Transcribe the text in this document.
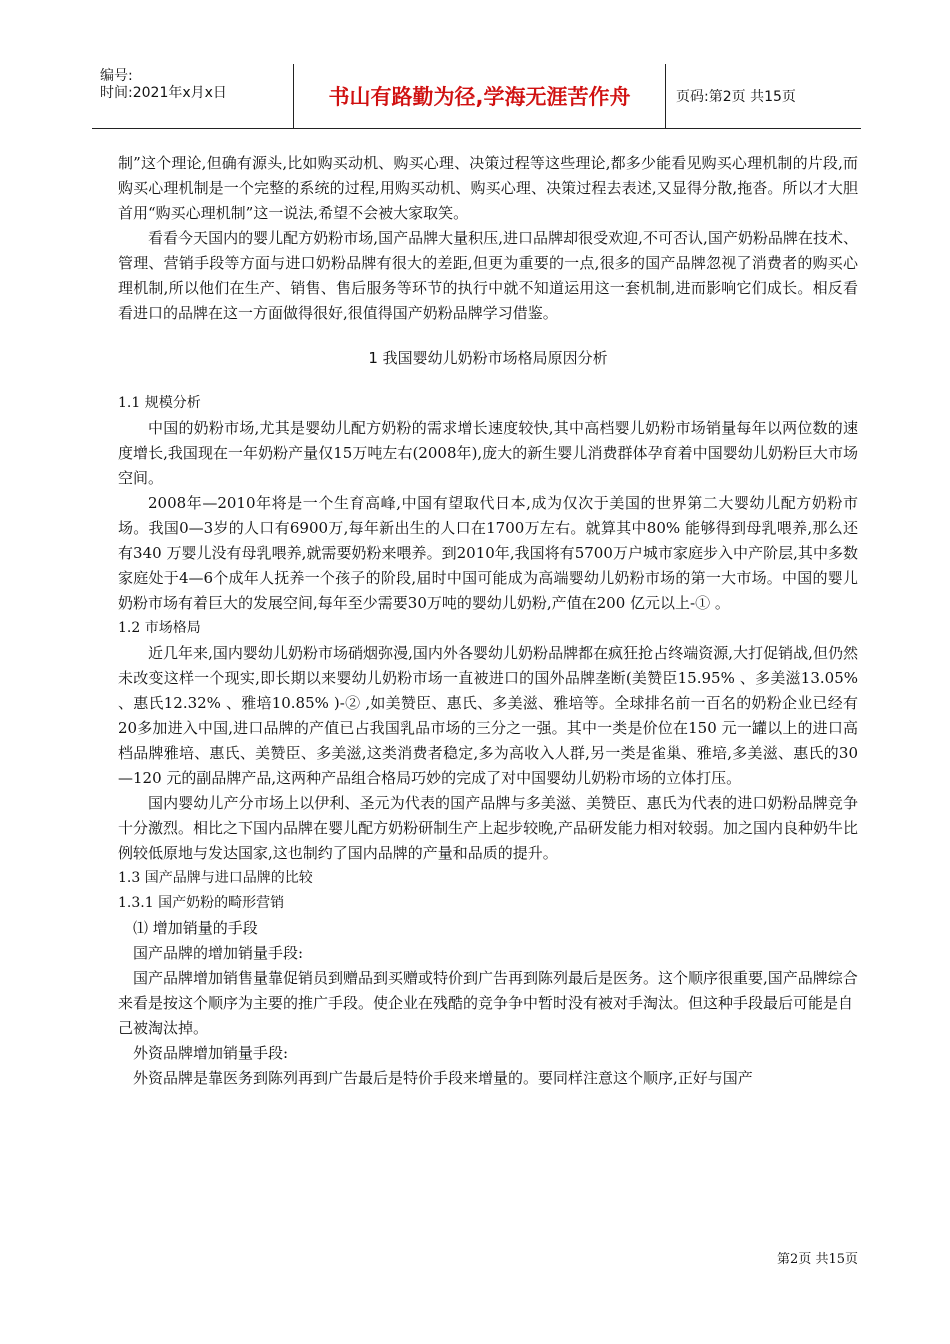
编号:
时间:2021年x月x日	书山有路勤为径,学海无涯苦作舟	页码:第2页 共15页

制”这个理论,但确有源头,比如购买动机、购买心理、决策过程等这些理论,都多少能看见购买心理机制的片段,而购买心理机制是一个完整的系统的过程,用购买动机、购买心理、决策过程去表述,又显得分散,拖沓。所以才大胆首用“购买心理机制”这一说法,希望不会被大家取笑。

看看今天国内的婴儿配方奶粉市场,国产品牌大量积压,进口品牌却很受欢迎,不可否认,国产奶粉品牌在技术、管理、营销手段等方面与进口奶粉品牌有很大的差距,但更为重要的一点,很多的国产品牌忽视了消费者的购买心理机制,所以他们在生产、销售、售后服务等环节的执行中就不知道运用这一套机制,进而影响它们成长。相反看看进口的品牌在这一方面做得很好,很值得国产奶粉品牌学习借鉴。

1 我国婴幼儿奶粉市场格局原因分析

1.1 规模分析

中国的奶粉市场,尤其是婴幼儿配方奶粉的需求增长速度较快,其中高档婴儿奶粉市场销量每年以两位数的速度增长,我国现在一年奶粉产量仅15万吨左右(2008年),庞大的新生婴儿消费群体孕育着中国婴幼儿奶粉巨大市场空间。

2008年—2010年将是一个生育高峰,中国有望取代日本,成为仅次于美国的世界第二大婴幼儿配方奶粉市场。我国0—3岁的人口有6900万,每年新出生的人口在1700万左右。就算其中80% 能够得到母乳喂养,那么还有340 万婴儿没有母乳喂养,就需要奶粉来喂养。到2010年,我国将有5700万户城市家庭步入中产阶层,其中多数家庭处于4—6个成年人抚养一个孩子的阶段,届时中国可能成为高端婴幼儿奶粉市场的第一大市场。中国的婴儿奶粉市场有着巨大的发展空间,每年至少需要30万吨的婴幼儿奶粉,产值在200 亿元以上-① 。

1.2 市场格局

近几年来,国内婴幼儿奶粉市场硝烟弥漫,国内外各婴幼儿奶粉品牌都在疯狂抢占终端资源,大打促销战,但仍然未改变这样一个现实,即长期以来婴幼儿奶粉市场一直被进口的国外品牌垄断(美赞臣15.95% 、多美滋13.05% 、惠氏12.32% 、雅培10.85% )-② ,如美赞臣、惠氏、多美滋、雅培等。全球排名前一百名的奶粉企业已经有20多加进入中国,进口品牌的产值已占我国乳品市场的三分之一强。其中一类是价位在150 元一罐以上的进口高档品牌雅培、惠氏、美赞臣、多美滋,这类消费者稳定,多为高收入人群,另一类是雀巢、雅培,多美滋、惠氏的30—120 元的副品牌产品,这两种产品组合格局巧妙的完成了对中国婴幼儿奶粉市场的立体打压。

国内婴幼儿产分市场上以伊利、圣元为代表的国产品牌与多美滋、美赞臣、惠氏为代表的进口奶粉品牌竞争十分激烈。相比之下国内品牌在婴儿配方奶粉研制生产上起步较晚,产品研发能力相对较弱。加之国内良种奶牛比例较低原地与发达国家,这也制约了国内品牌的产量和品质的提升。

1.3 国产品牌与进口品牌的比较

1.3.1 国产奶粉的畸形营销

⑴ 增加销量的手段

国产品牌的增加销量手段:

国产品牌增加销售量靠促销员到赠品到买赠或特价到广告再到陈列最后是医务。这个顺序很重要,国产品牌综合来看是按这个顺序为主要的推广手段。使企业在残酷的竞争争中暂时没有被对手淘汰。但这种手段最后可能是自己被淘汰掉。

外资品牌增加销量手段:

外资品牌是靠医务到陈列再到广告最后是特价手段来增量的。要同样注意这个顺序,正好与国产

第2页 共15页
